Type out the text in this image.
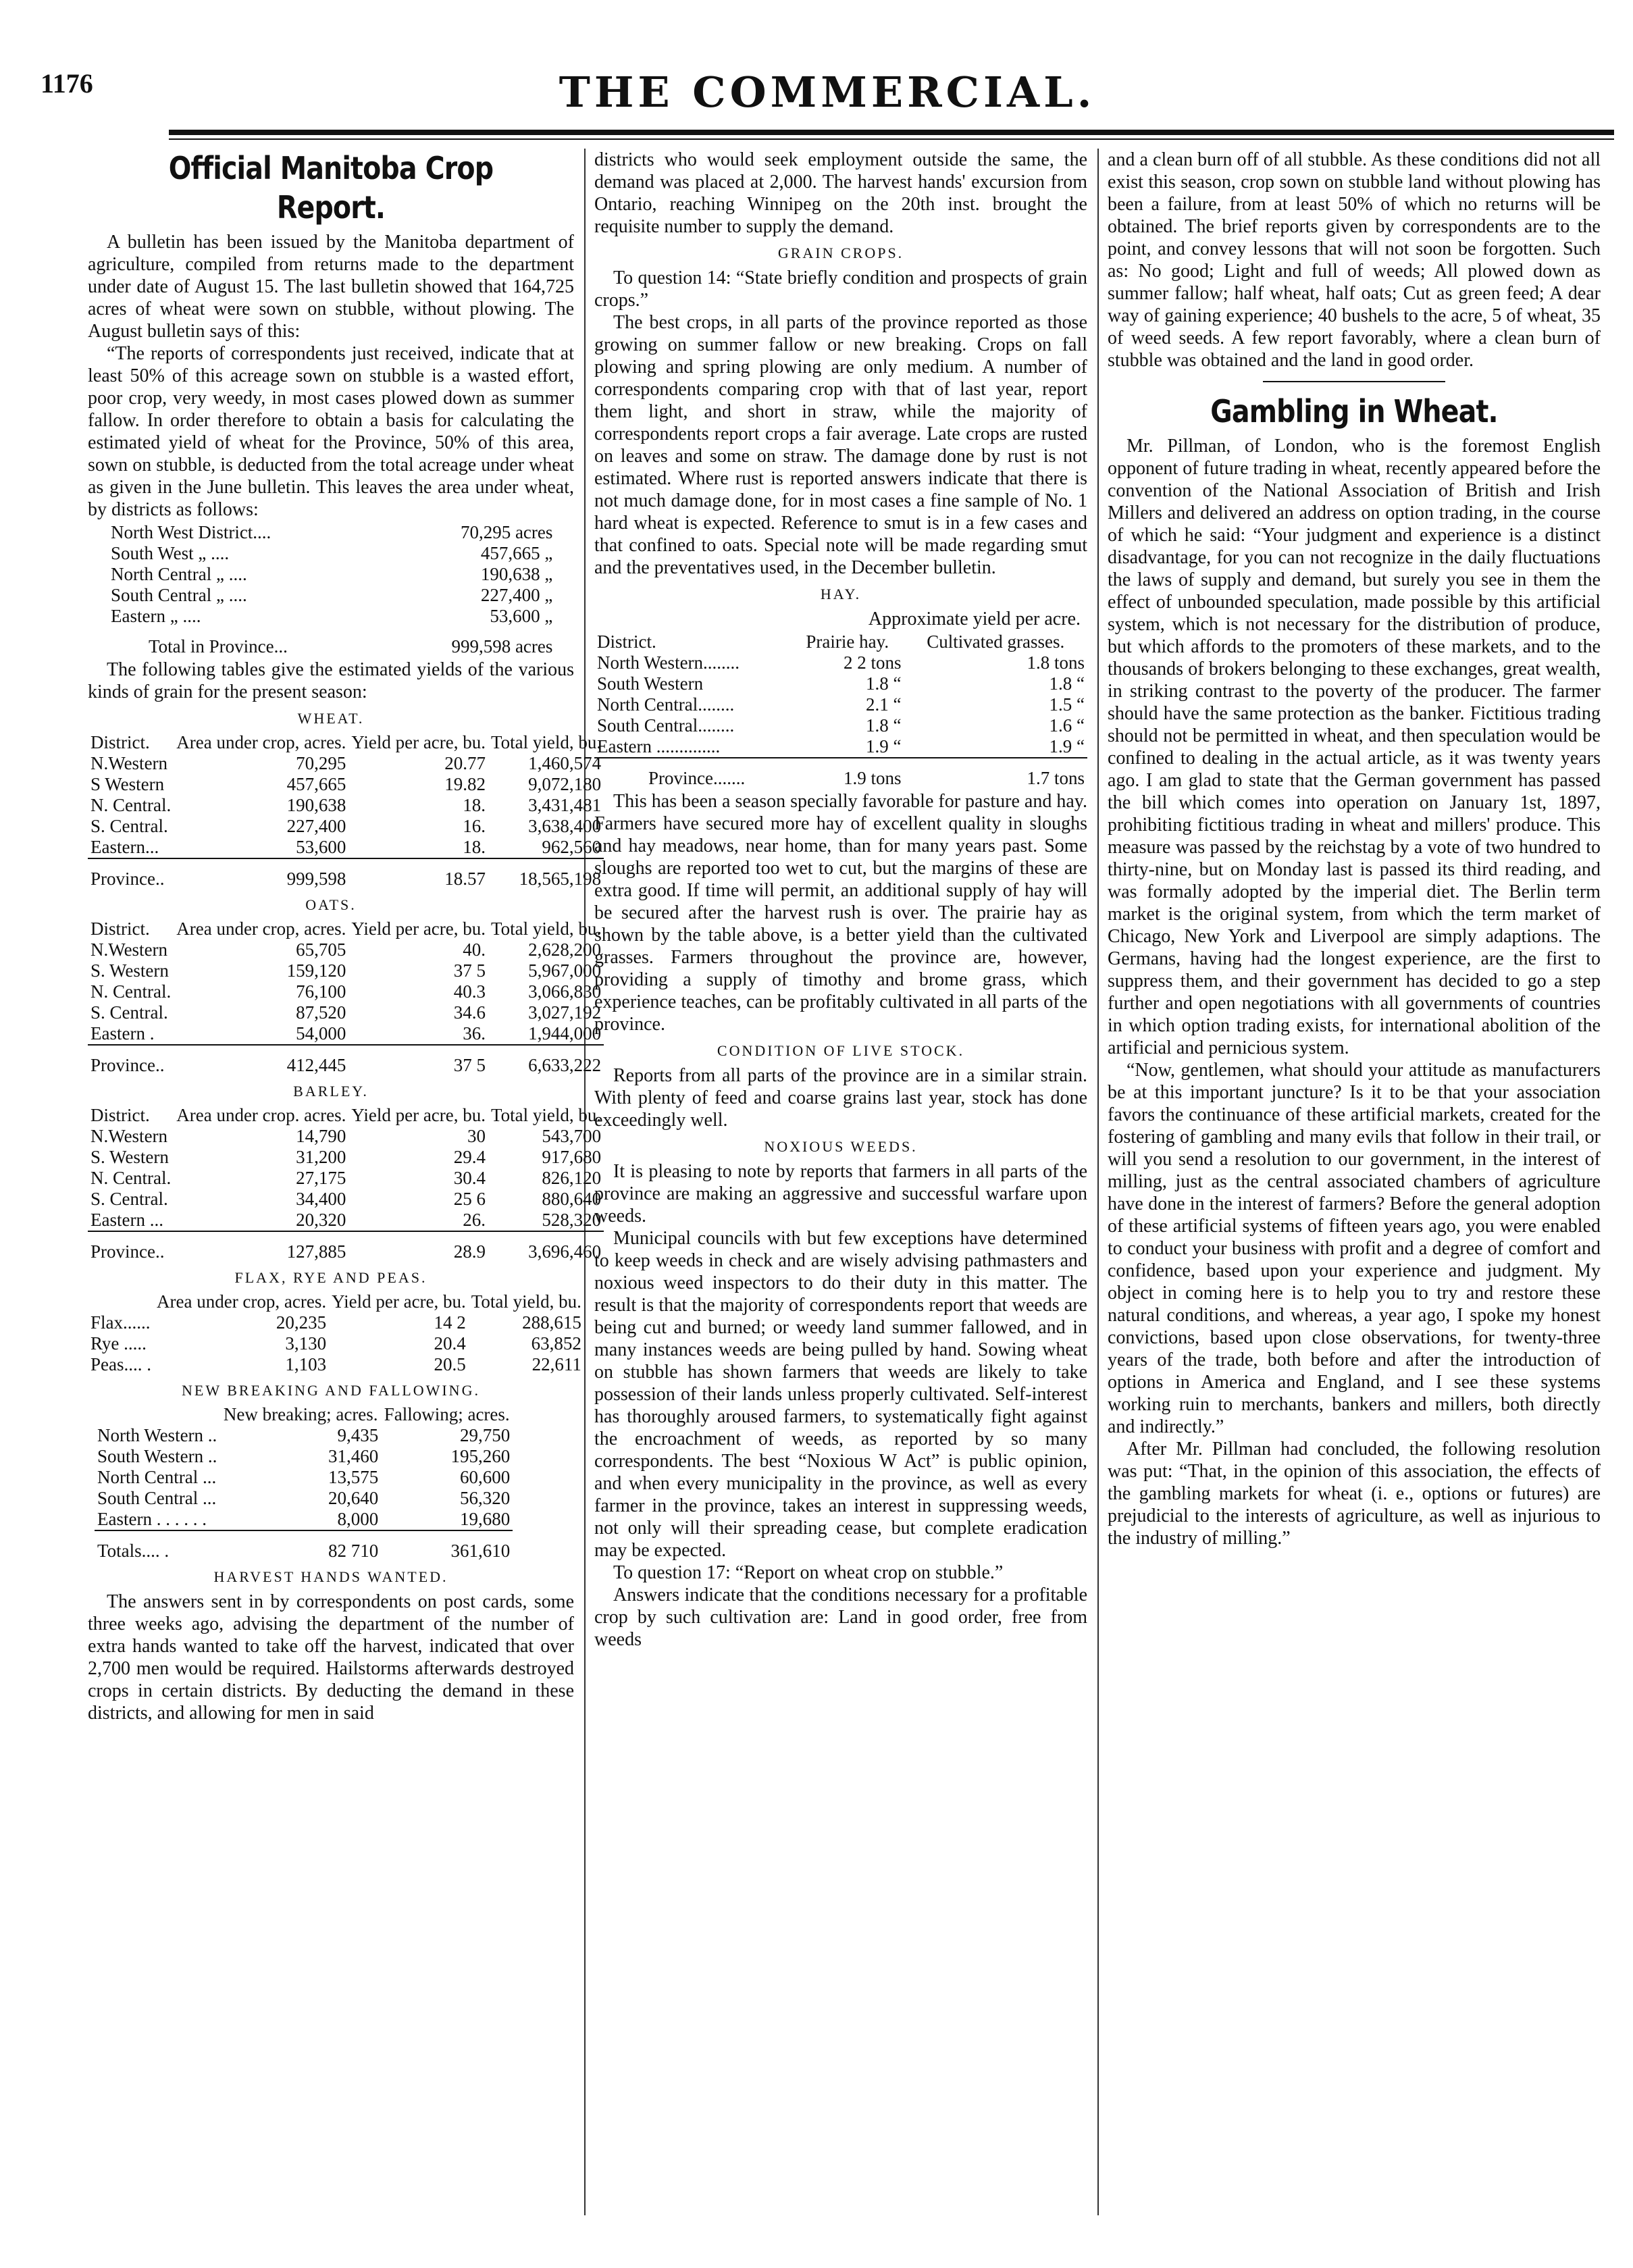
1176	THE COMMERCIAL.
Official Manitoba Crop Report.

A bulletin has been issued by the Manitoba department of agriculture, compiled from returns made to the department under date of August 15. The last bulletin showed that 164,725 acres of wheat were sown on stubble, without plowing. The August bulletin says of this:

“The reports of correspondents just received, indicate that at least 50% of this acreage sown on stubble is a wasted effort, poor crop, very weedy, in most cases plowed down as summer fallow. In order therefore to obtain a basis for calculating the estimated yield of wheat for the Province, 50% of this area, sown on stubble, is deducted from the total acreage under wheat as given in the June bulletin. This leaves the area under wheat, by districts as follows:

North West District....	70,295 acres
South West „ ....	457,665 „
North Central „ ....	190,638 „
South Central „ ....	227,400 „
Eastern „ ....	53,600 „
Total in Province...	999,598 acres

The following tables give the estimated yields of the various kinds of grain for the present season:

WHEAT.
District.	Area under crop, acres.	Yield per acre, bu.	Total yield, bu.
N.Western	70,295	20.77	1,460,574
S Western	457,665	19.82	9,072,180
N. Central.	190,638	18.	3,431,481
S. Central.	227,400	16.	3,638,400
Eastern...	53,600	18.	962,560
Province..	999,598	18.57	18,565,198
OATS.
District.	Area under crop, acres.	Yield per acre, bu.	Total yield, bu.
N.Western	65,705	40.	2,628,200
S. Western	159,120	37 5	5,967,000
N. Central.	76,100	40.3	3,066,830
S. Central.	87,520	34.6	3,027,192
Eastern .	54,000	36.	1,944,000
Province..	412,445	37 5	6,633,222
BARLEY.
District.	Area under crop. acres.	Yield per acre, bu.	Total yield, bu.
N.Western	14,790	30	543,700
S. Western	31,200	29.4	917,680
N. Central.	27,175	30.4	826,120
S. Central.	34,400	25 6	880,640
Eastern ...	20,320	26.	528,320
Province..	127,885	28.9	3,696,460
FLAX, RYE AND PEAS.
	Area under crop, acres.	Yield per acre, bu.	Total yield, bu.
Flax......	20,235	14 2	288,615
Rye .....	3,130	20.4	63,852
Peas.... .	1,103	20.5	22,611
NEW BREAKING AND FALLOWING.
	New breaking; acres.	Fallowing; acres.
North Western ..	9,435	29,750
South Western ..	31,460	195,260
North Central ...	13,575	60,600
South Central ...	20,640	56,320
Eastern . . . . . .	8,000	19,680
Totals.... .	82 710	361,610
HARVEST HANDS WANTED.

The answers sent in by correspondents on post cards, some three weeks ago, advising the department of the number of extra hands wanted to take off the harvest, indicated that over 2,700 men would be required. Hailstorms afterwards destroyed crops in certain districts. By deducting the demand in these districts, and allowing for men in said

districts who would seek employment outside the same, the demand was placed at 2,000. The harvest hands' excursion from Ontario, reaching Winnipeg on the 20th inst. brought the requisite number to supply the demand.

GRAIN CROPS.

To question 14: “State briefly condition and prospects of grain crops.”

The best crops, in all parts of the province reported as those growing on summer fallow or new breaking. Crops on fall plowing and spring plowing are only medium. A number of correspondents comparing crop with that of last year, report them light, and short in straw, while the majority of correspondents report crops a fair average. Late crops are rusted on leaves and some on straw. The damage done by rust is not estimated. Where rust is reported answers indicate that there is not much damage done, for in most cases a fine sample of No. 1 hard wheat is expected. Reference to smut is in a few cases and that confined to oats. Special note will be made regarding smut and the preventatives used, in the December bulletin.

HAY.
Approximate yield per acre.
District.	Prairie hay.	Cultivated grasses.
North Western........	2 2 tons	1.8 tons
South Western	1.8 “	1.8 “
North Central........	2.1 “	1.5 “
South Central........	1.8 “	1.6 “
Eastern ..............	1.9 “	1.9 “
Province.......	1.9 tons	1.7 tons

This has been a season specially favorable for pasture and hay. Farmers have secured more hay of excellent quality in sloughs and hay meadows, near home, than for many years past. Some sloughs are reported too wet to cut, but the margins of these are extra good. If time will permit, an additional supply of hay will be secured after the harvest rush is over. The prairie hay as shown by the table above, is a better yield than the cultivated grasses. Farmers throughout the province are, however, providing a supply of timothy and brome grass, which experience teaches, can be profitably cultivated in all parts of the province.

CONDITION OF LIVE STOCK.

Reports from all parts of the province are in a similar strain. With plenty of feed and coarse grains last year, stock has done exceedingly well.

NOXIOUS WEEDS.

It is pleasing to note by reports that farmers in all parts of the province are making an aggressive and successful warfare upon weeds.

Municipal councils with but few exceptions have determined to keep weeds in check and are wisely advising pathmasters and noxious weed inspectors to do their duty in this matter. The result is that the majority of correspondents report that weeds are being cut and burned; or weedy land summer fallowed, and in many instances weeds are being pulled by hand. Sowing wheat on stubble has shown farmers that weeds are likely to take possession of their lands unless properly cultivated. Self-interest has thoroughly aroused farmers, to systematically fight against the encroachment of weeds, as reported by so many correspondents. The best “Noxious W Act” is public opinion, and when every municipality in the province, as well as every farmer in the province, takes an interest in suppressing weeds, not only will their spreading cease, but complete eradication may be expected.

To question 17: “Report on wheat crop on stubble.”

Answers indicate that the conditions necessary for a profitable crop by such cultivation are: Land in good order, free from weeds

and a clean burn off of all stubble. As these conditions did not all exist this season, crop sown on stubble land without plowing has been a failure, from at least 50% of which no returns will be obtained. The brief reports given by correspondents are to the point, and convey lessons that will not soon be forgotten. Such as: No good; Light and full of weeds; All plowed down as summer fallow; half wheat, half oats; Cut as green feed; A dear way of gaining experience; 40 bushels to the acre, 5 of wheat, 35 of weed seeds. A few report favorably, where a clean burn of stubble was obtained and the land in good order.

Gambling in Wheat.

Mr. Pillman, of London, who is the foremost English opponent of future trading in wheat, recently appeared before the convention of the National Association of British and Irish Millers and delivered an address on option trading, in the course of which he said: “Your judgment and experience is a distinct disadvantage, for you can not recognize in the daily fluctuations the laws of supply and demand, but surely you see in them the effect of unbounded speculation, made possible by this artificial system, which is not necessary for the distribution of produce, but which affords to the promoters of these markets, and to the thousands of brokers belonging to these exchanges, great wealth, in striking contrast to the poverty of the producer. The farmer should have the same protection as the banker. Fictitious trading should not be permitted in wheat, and then speculation would be confined to dealing in the actual article, as it was twenty years ago. I am glad to state that the German government has passed the bill which comes into operation on January 1st, 1897, prohibiting fictitious trading in wheat and millers' produce. This measure was passed by the reichstag by a vote of two hundred to thirty-nine, but on Monday last is passed its third reading, and was formally adopted by the imperial diet. The Berlin term market is the original system, from which the term market of Chicago, New York and Liverpool are simply adaptions. The Germans, having had the longest experience, are the first to suppress them, and their government has decided to go a step further and open negotiations with all governments of countries in which option trading exists, for international abolition of the artificial and pernicious system.

“Now, gentlemen, what should your attitude as manufacturers be at this important juncture? Is it to be that your association favors the continuance of these artificial markets, created for the fostering of gambling and many evils that follow in their trail, or will you send a resolution to our government, in the interest of milling, just as the central associated chambers of agriculture have done in the interest of farmers? Before the general adoption of these artificial systems of fifteen years ago, you were enabled to conduct your business with profit and a degree of comfort and confidence, based upon your experience and judgment. My object in coming here is to help you to try and restore these natural conditions, and whereas, a year ago, I spoke my honest convictions, based upon close observations, for twenty-three years of the trade, both before and after the introduction of options in America and England, and I see these systems working ruin to merchants, bankers and millers, both directly and indirectly.”

After Mr. Pillman had concluded, the following resolution was put: “That, in the opinion of this association, the effects of the gambling markets for wheat (i. e., options or futures) are prejudicial to the interests of agriculture, as well as injurious to the industry of milling.”
